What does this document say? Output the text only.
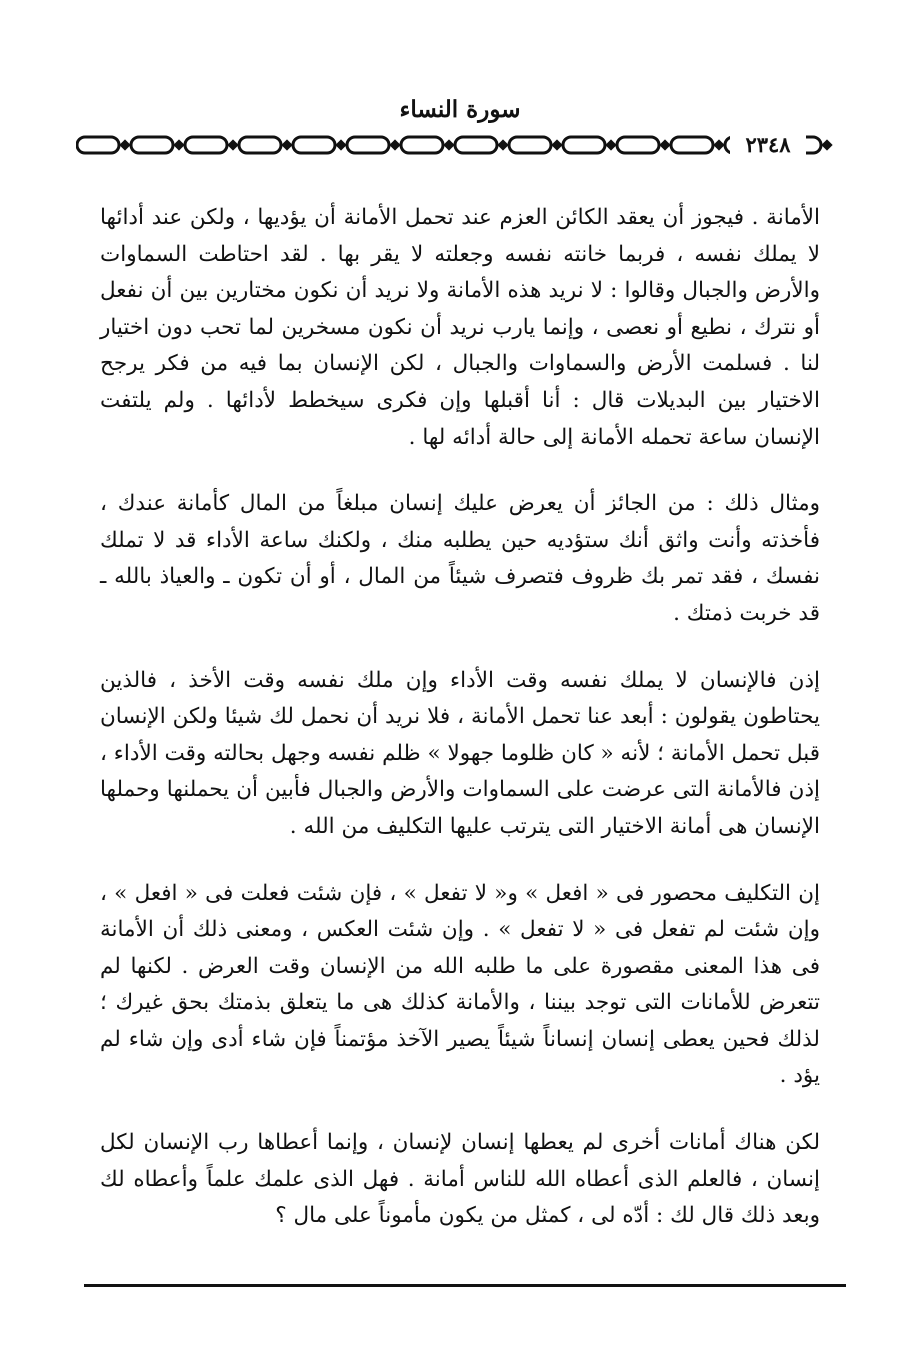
سورة النساء
٢٣٤٨

الأمانة . فيجوز أن يعقد الكائن العزم عند تحمل الأمانة أن يؤديها ، ولكن عند أدائها لا يملك نفسه ، فربما خانته نفسه وجعلته لا يقر بها . لقد احتاطت السماوات والأرض والجبال وقالوا : لا نريد هذه الأمانة ولا نريد أن نكون مختارين بين أن نفعل أو نترك ، نطيع أو نعصى ، وإنما يارب نريد أن نكون مسخرين لما تحب دون اختيار لنا . فسلمت الأرض والسماوات والجبال ، لكن الإنسان بما فيه من فكر يرجح الاختيار بين البديلات قال : أنا أقبلها وإن فكرى سيخطط لأدائها . ولم يلتفت الإنسان ساعة تحمله الأمانة إلى حالة أدائه لها .

ومثال ذلك : من الجائز أن يعرض عليك إنسان مبلغاً من المال كأمانة عندك ، فأخذته وأنت واثق أنك ستؤديه حين يطلبه منك ، ولكنك ساعة الأداء قد لا تملك نفسك ، فقد تمر بك ظروف فتصرف شيئاً من المال ، أو أن تكون ـ والعياذ بالله ـ قد خربت ذمتك .

إذن فالإنسان لا يملك نفسه وقت الأداء وإن ملك نفسه وقت الأخذ ، فالذين يحتاطون يقولون : أبعد عنا تحمل الأمانة ، فلا نريد أن نحمل لك شيئا ولكن الإنسان قبل تحمل الأمانة ؛ لأنه « كان ظلوما جهولا » ظلم نفسه وجهل بحالته وقت الأداء ، إذن فالأمانة التى عرضت على السماوات والأرض والجبال فأبين أن يحملنها وحملها الإنسان هى أمانة الاختيار التى يترتب عليها التكليف من الله .

إن التكليف محصور فى « افعل » و« لا تفعل » ، فإن شئت فعلت فى « افعل » ، وإن شئت لم تفعل فى « لا تفعل » . وإن شئت العكس ، ومعنى ذلك أن الأمانة فى هذا المعنى مقصورة على ما طلبه الله من الإنسان وقت العرض . لكنها لم تتعرض للأمانات التى توجد بيننا ، والأمانة كذلك هى ما يتعلق بذمتك بحق غيرك ؛ لذلك فحين يعطى إنسان إنساناً شيئاً يصير الآخذ مؤتمناً فإن شاء أدى وإن شاء لم يؤد .

لكن هناك أمانات أخرى لم يعطها إنسان لإنسان ، وإنما أعطاها رب الإنسان لكل إنسان ، فالعلم الذى أعطاه الله للناس أمانة . فهل الذى علمك علماً وأعطاه لك وبعد ذلك قال لك : أدّه لى ، كمثل من يكون مأموناً على مال ؟
